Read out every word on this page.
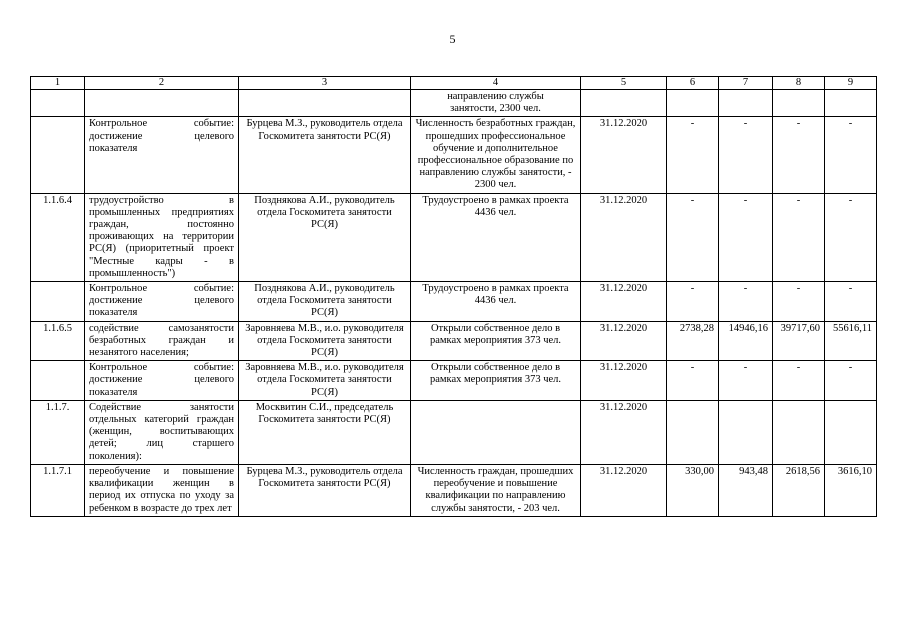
5
1	2	3	4	5	6	7	8	9
			направлению службы занятости, 2300 чел.					
	Контрольное событие: достижение целевого показателя	Бурцева М.З., руководитель отдела Госкомитета занятости РС(Я)	Численность безработных граждан, прошедших профессиональное обучение и дополнительное профессиональное образование по направлению службы занятости, - 2300 чел.	31.12.2020	-	-	-	-
1.1.6.4	трудоустройство в промышленных предприятиях граждан, постоянно проживающих на территории РС(Я) (приоритетный проект "Местные кадры - в промышленность")	Позднякова А.И., руководитель отдела Госкомитета занятости РС(Я)	Трудоустроено в рамках проекта 4436 чел.	31.12.2020	-	-	-	-
	Контрольное событие: достижение целевого показателя	Позднякова А.И., руководитель отдела Госкомитета занятости РС(Я)	Трудоустроено в рамках проекта 4436 чел.	31.12.2020	-	-	-	-
1.1.6.5	содействие самозанятости безработных граждан и незанятого населения;	Заровняева М.В., и.о. руководителя отдела Госкомитета занятости РС(Я)	Открыли собственное дело в рамках мероприятия 373 чел.	31.12.2020	2738,28	14946,16	39717,60	55616,11
	Контрольное событие: достижение целевого показателя	Заровняева М.В., и.о. руководителя отдела Госкомитета занятости РС(Я)	Открыли собственное дело в рамках мероприятия 373 чел.	31.12.2020	-	-	-	-
1.1.7.	Содействие занятости отдельных категорий граждан (женщин, воспитывающих детей; лиц старшего поколения):	Москвитин С.И., председатель Госкомитета занятости РС(Я)		31.12.2020				
1.1.7.1	переобучение и повышение квалификации женщин в период их отпуска по уходу за ребенком в возрасте до трех лет	Бурцева М.З., руководитель отдела Госкомитета занятости РС(Я)	Численность граждан, прошедших переобучение и повышение квалификации по направлению службы занятости, - 203 чел.	31.12.2020	330,00	943,48	2618,56	3616,10
